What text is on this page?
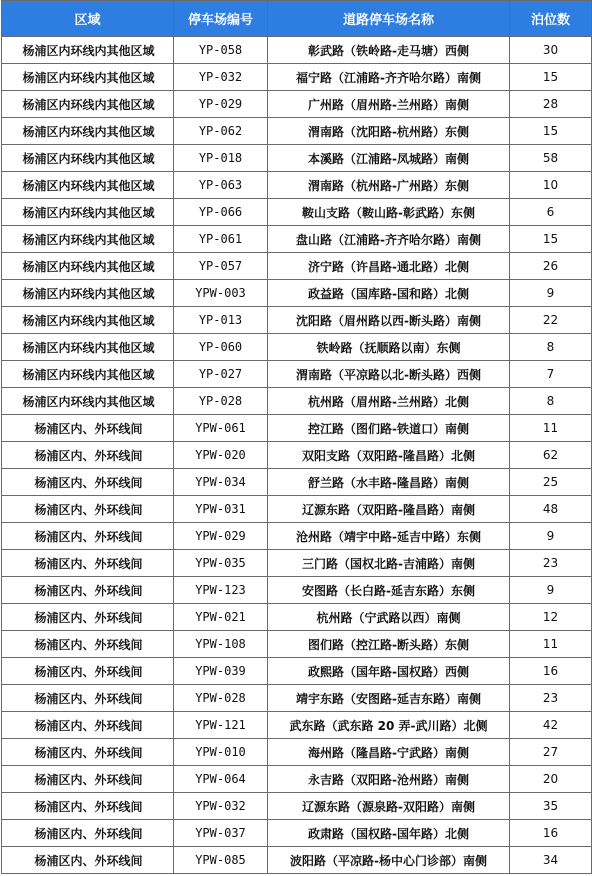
区域	停车场编号	道路停车场名称	泊位数
杨浦区内环线内其他区域	YP-058	彰武路（铁岭路-走马塘）西侧	30
杨浦区内环线内其他区域	YP-032	福宁路（江浦路-齐齐哈尔路）南侧	15
杨浦区内环线内其他区域	YP-029	广州路（眉州路-兰州路）南侧	28
杨浦区内环线内其他区域	YP-062	渭南路（沈阳路-杭州路）东侧	15
杨浦区内环线内其他区域	YP-018	本溪路（江浦路-凤城路）南侧	58
杨浦区内环线内其他区域	YP-063	渭南路（杭州路-广州路）东侧	10
杨浦区内环线内其他区域	YP-066	鞍山支路（鞍山路-彰武路）东侧	6
杨浦区内环线内其他区域	YP-061	盘山路（江浦路-齐齐哈尔路）南侧	15
杨浦区内环线内其他区域	YP-057	济宁路（许昌路-通北路）北侧	26
杨浦区内环线内其他区域	YPW-003	政益路（国库路-国和路）北侧	9
杨浦区内环线内其他区域	YP-013	沈阳路（眉州路以西-断头路）南侧	22
杨浦区内环线内其他区域	YP-060	铁岭路（抚顺路以南）东侧	8
杨浦区内环线内其他区域	YP-027	渭南路（平凉路以北-断头路）西侧	7
杨浦区内环线内其他区域	YP-028	杭州路（眉州路-兰州路）北侧	8
杨浦区内、外环线间	YPW-061	控江路（图们路-铁道口）南侧	11
杨浦区内、外环线间	YPW-020	双阳支路（双阳路-隆昌路）北侧	62
杨浦区内、外环线间	YPW-034	舒兰路（水丰路-隆昌路）南侧	25
杨浦区内、外环线间	YPW-031	辽源东路（双阳路-隆昌路）南侧	48
杨浦区内、外环线间	YPW-029	沧州路（靖宇中路-延吉中路）东侧	9
杨浦区内、外环线间	YPW-035	三门路（国权北路-吉浦路）南侧	23
杨浦区内、外环线间	YPW-123	安图路（长白路-延吉东路）东侧	9
杨浦区内、外环线间	YPW-021	杭州路（宁武路以西）南侧	12
杨浦区内、外环线间	YPW-108	图们路（控江路-断头路）东侧	11
杨浦区内、外环线间	YPW-039	政熙路（国年路-国权路）西侧	16
杨浦区内、外环线间	YPW-028	靖宇东路（安图路-延吉东路）南侧	23
杨浦区内、外环线间	YPW-121	武东路（武东路 20 弄-武川路）北侧	42
杨浦区内、外环线间	YPW-010	海州路（隆昌路-宁武路）南侧	27
杨浦区内、外环线间	YPW-064	永吉路（双阳路-沧州路）南侧	20
杨浦区内、外环线间	YPW-032	辽源东路（源泉路-双阳路）南侧	35
杨浦区内、外环线间	YPW-037	政肃路（国权路-国年路）北侧	16
杨浦区内、外环线间	YPW-085	波阳路（平凉路-杨中心门诊部）南侧	34
